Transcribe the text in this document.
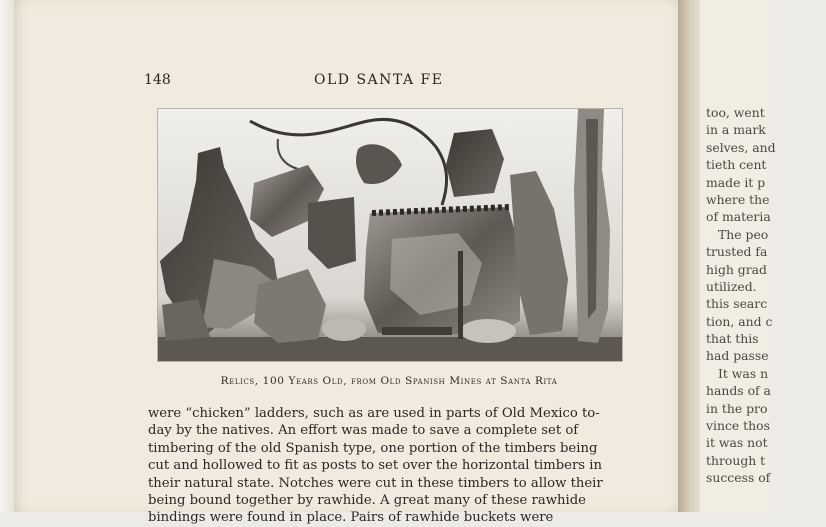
148	OLD SANTA FE
Relics, 100 Years Old, from Old Spanish Mines at Santa Rita
were “chicken” ladders, such as are used in parts of Old Mexico to-
day by the natives. An effort was made to save a complete set of
timbering of the old Spanish type, one portion of the timbers being
cut and hollowed to fit as posts to set over the horizontal timbers in
their natural state. Notches were cut in these timbers to allow their
being bound together by rawhide. A great many of these rawhide
bindings were found in place. Pairs of rawhide buckets were
too, went
in a mark
selves, and
tieth cent
made it p
where the
of materia
The peo
trusted fa
high grad
utilized.
this searc
tion, and c
that this
had passe
It was n
hands of a
in the pro
vince thos
it was not
through t
success of
